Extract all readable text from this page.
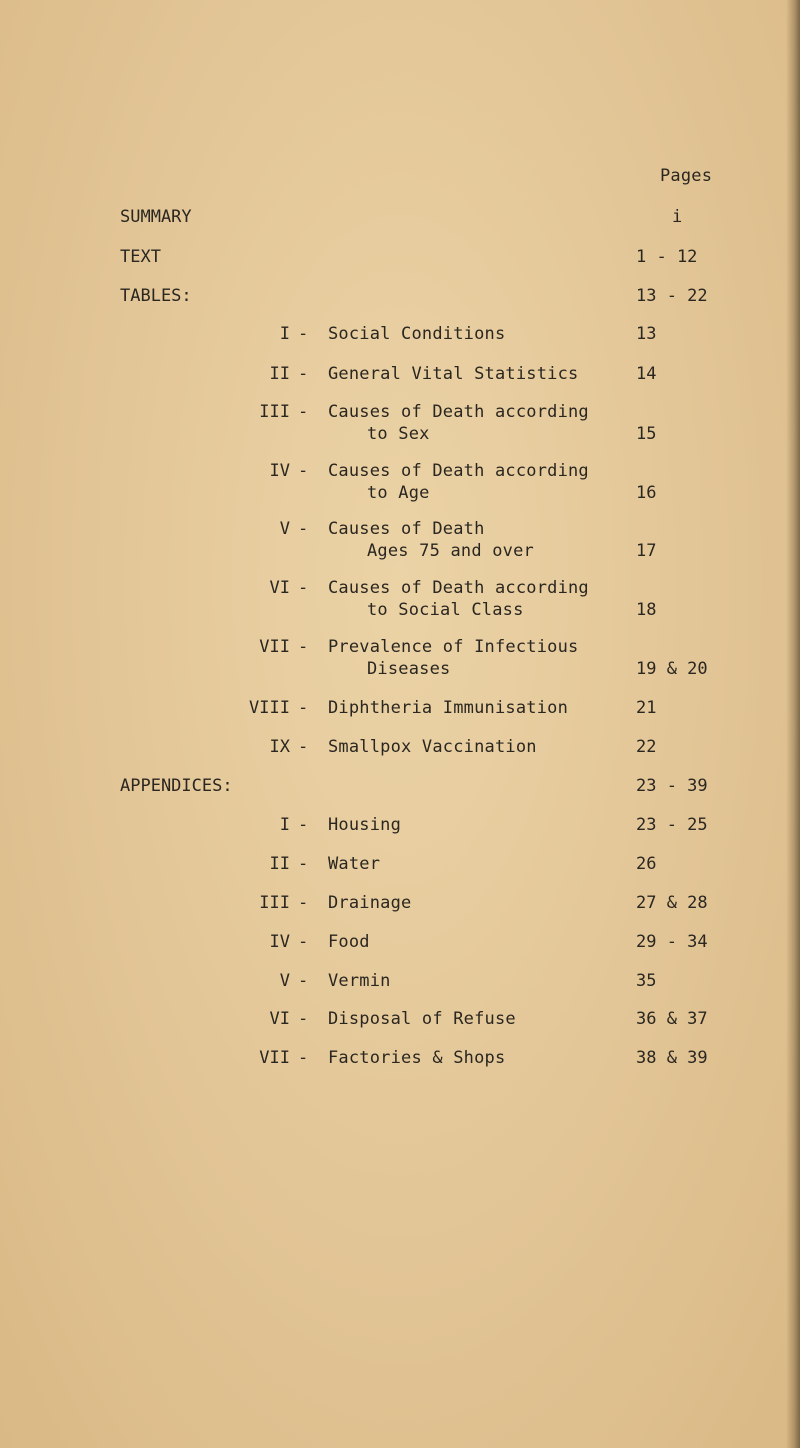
Pages
SUMMARY	i
TEXT	1 - 12
TABLES:	13 - 22
I - Social Conditions	13
II - General Vital Statistics	14
III - Causes of Death according
to Sex	15
IV - Causes of Death according
to Age	16
V - Causes of Death
Ages 75 and over	17
VI - Causes of Death according
to Social Class	18
VII - Prevalence of Infectious
Diseases	19 & 20
VIII - Diphtheria Immunisation	21
IX - Smallpox Vaccination	22
APPENDICES:	23 - 39
I - Housing	23 - 25
II - Water	26
III - Drainage	27 & 28
IV - Food	29 - 34
V - Vermin	35
VI - Disposal of Refuse	36 & 37
VII - Factories & Shops	38 & 39
